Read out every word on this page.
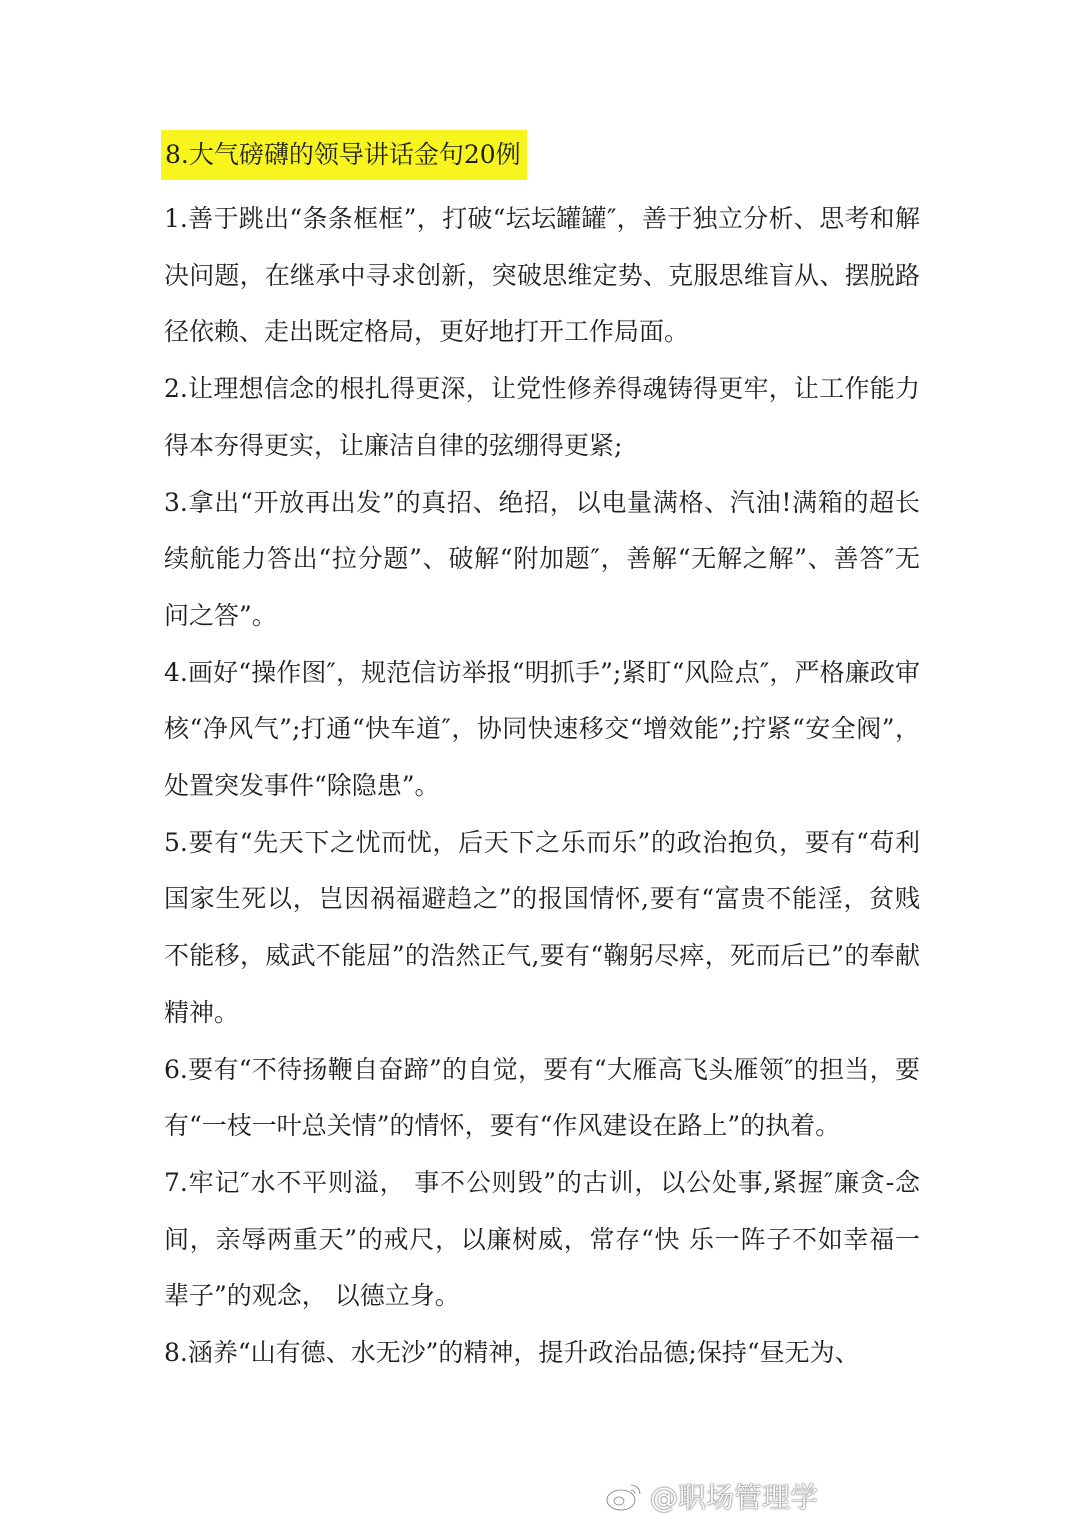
8.大气磅礴的领导讲话金句20例

1.善于跳出“条条框框”，打破“坛坛罐罐″，善于独立分析、思考和解决问题，在继承中寻求创新，突破思维定势、克服思维盲从、摆脱路径依赖、走出既定格局，更好地打开工作局面。

2.让理想信念的根扎得更深，让党性修养得魂铸得更牢，让工作能力得本夯得更实，让廉洁自律的弦绷得更紧;

3.拿出“开放再出发”的真招、绝招，以电量满格、汽油!满箱的超长续航能力答出“拉分题”、破解“附加题″，善解“无解之解”、善答″无问之答”。

4.画好“操作图″，规范信访举报“明抓手”;紧盯“风险点″，严格廉政审核“净风气”;打通“快车道″，协同快速移交“增效能”;拧紧“安全阀”，处置突发事件“除隐患”。

5.要有“先天下之忧而忧，后天下之乐而乐”的政治抱负，要有“苟利国家生死以，岂因祸福避趋之”的报国情怀,要有“富贵不能淫，贫贱不能移，威武不能屈”的浩然正气,要有“鞠躬尽瘁，死而后已”的奉献精神。

6.要有“不待扬鞭自奋蹄”的自觉，要有“大雁高飞头雁领″的担当，要有“一枝一叶总关情”的情怀，要有“作风建设在路上”的执着。

7.牢记″水不平则溢， 事不公则毁”的古训，以公处事,紧握″廉贪-念间，亲辱两重天”的戒尺，以廉树威，常存“快 乐一阵子不如幸福一辈子”的观念， 以德立身。

8.涵养“山有德、水无沙”的精神，提升政治品德;保持“昼无为、

@职场管理学
